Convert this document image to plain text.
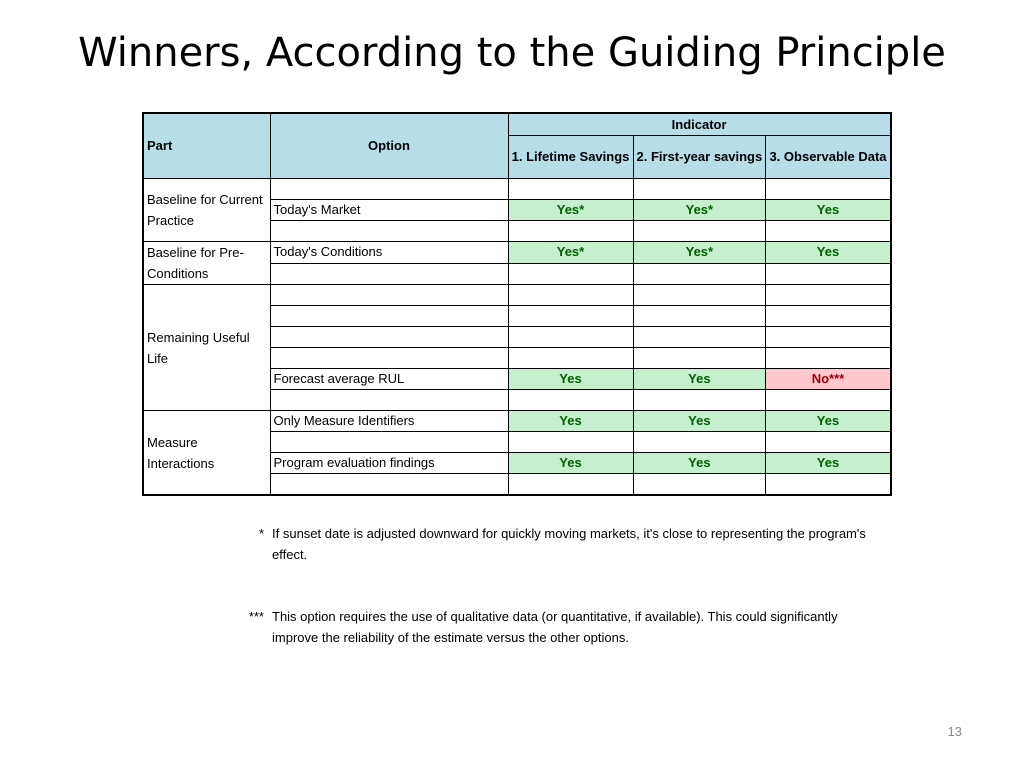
Winners, According to the Guiding Principle
Part	Option	Indicator		
		1. Lifetime Savings	2. First-year savings	3. Observable Data

Baseline for Current Practice				
	Today's Market	Yes*	Yes*	Yes

Baseline for Pre-Conditions	Today's Conditions	Yes*	Yes*	Yes

Remaining Useful Life				

	Forecast average RUL	Yes	Yes	No***

Measure Interactions	Only Measure Identifiers	Yes	Yes	Yes

	Program evaluation findings	Yes	Yes	Yes

* If sunset date is adjusted downward for quickly moving markets, it's close to representing the program's effect.
*** This option requires the use of qualitative data (or quantitative, if available). This could significantly improve the reliability of the estimate versus the other options.
13
